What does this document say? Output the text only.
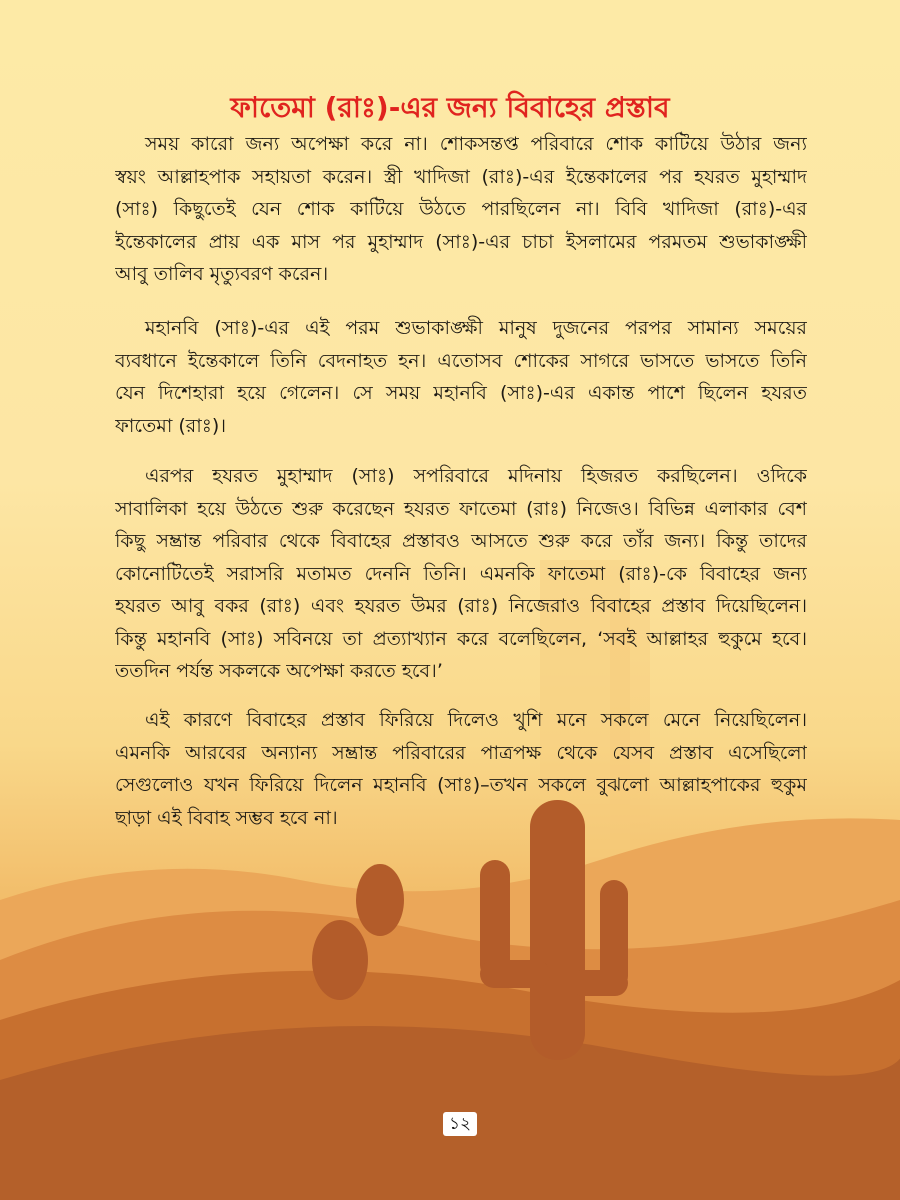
ফাতেমা (রাঃ)-এর জন্য বিবাহের প্রস্তাব
সময় কারো জন্য অপেক্ষা করে না। শোকসন্তপ্ত পরিবারে শোক কাটিয়ে উঠার জন্য
স্বয়ং আল্লাহপাক সহায়তা করেন। স্ত্রী খাদিজা (রাঃ)-এর ইন্তেকালের পর হযরত মুহাম্মাদ
(সাঃ) কিছুতেই যেন শোক কাটিয়ে উঠতে পারছিলেন না। বিবি খাদিজা (রাঃ)-এর
ইন্তেকালের প্রায় এক মাস পর মুহাম্মাদ (সাঃ)-এর চাচা ইসলামের পরমতম শুভাকাঙ্ক্ষী
আবু তালিব মৃত্যুবরণ করেন।
মহানবি (সাঃ)-এর এই পরম শুভাকাঙ্ক্ষী মানুষ দুজনের পরপর সামান্য সময়ের
ব্যবধানে ইন্তেকালে তিনি বেদনাহত হন। এতোসব শোকের সাগরে ভাসতে ভাসতে তিনি
যেন দিশেহারা হয়ে গেলেন। সে সময় মহানবি (সাঃ)-এর একান্ত পাশে ছিলেন হযরত
ফাতেমা (রাঃ)।
এরপর হযরত মুহাম্মাদ (সাঃ) সপরিবারে মদিনায় হিজরত করছিলেন। ওদিকে
সাবালিকা হয়ে উঠতে শুরু করেছেন হযরত ফাতেমা (রাঃ) নিজেও। বিভিন্ন এলাকার বেশ
কিছু সম্ভ্রান্ত পরিবার থেকে বিবাহের প্রস্তাবও আসতে শুরু করে তাঁর জন্য। কিন্তু তাদের
কোনোটিতেই সরাসরি মতামত দেননি তিনি। এমনকি ফাতেমা (রাঃ)-কে বিবাহের জন্য
হযরত আবু বকর (রাঃ) এবং হযরত উমর (রাঃ) নিজেরাও বিবাহের প্রস্তাব দিয়েছিলেন।
কিন্তু মহানবি (সাঃ) সবিনয়ে তা প্রত্যাখ্যান করে বলেছিলেন, ‘সবই আল্লাহর হুকুমে হবে।
ততদিন পর্যন্ত সকলকে অপেক্ষা করতে হবে।’
এই কারণে বিবাহের প্রস্তাব ফিরিয়ে দিলেও খুশি মনে সকলে মেনে নিয়েছিলেন।
এমনকি আরবের অন্যান্য সম্ভ্রান্ত পরিবারের পাত্রপক্ষ থেকে যেসব প্রস্তাব এসেছিলো
সেগুলোও যখন ফিরিয়ে দিলেন মহানবি (সাঃ)–তখন সকলে বুঝলো আল্লাহপাকের হুকুম
ছাড়া এই বিবাহ সম্ভব হবে না।
১২
